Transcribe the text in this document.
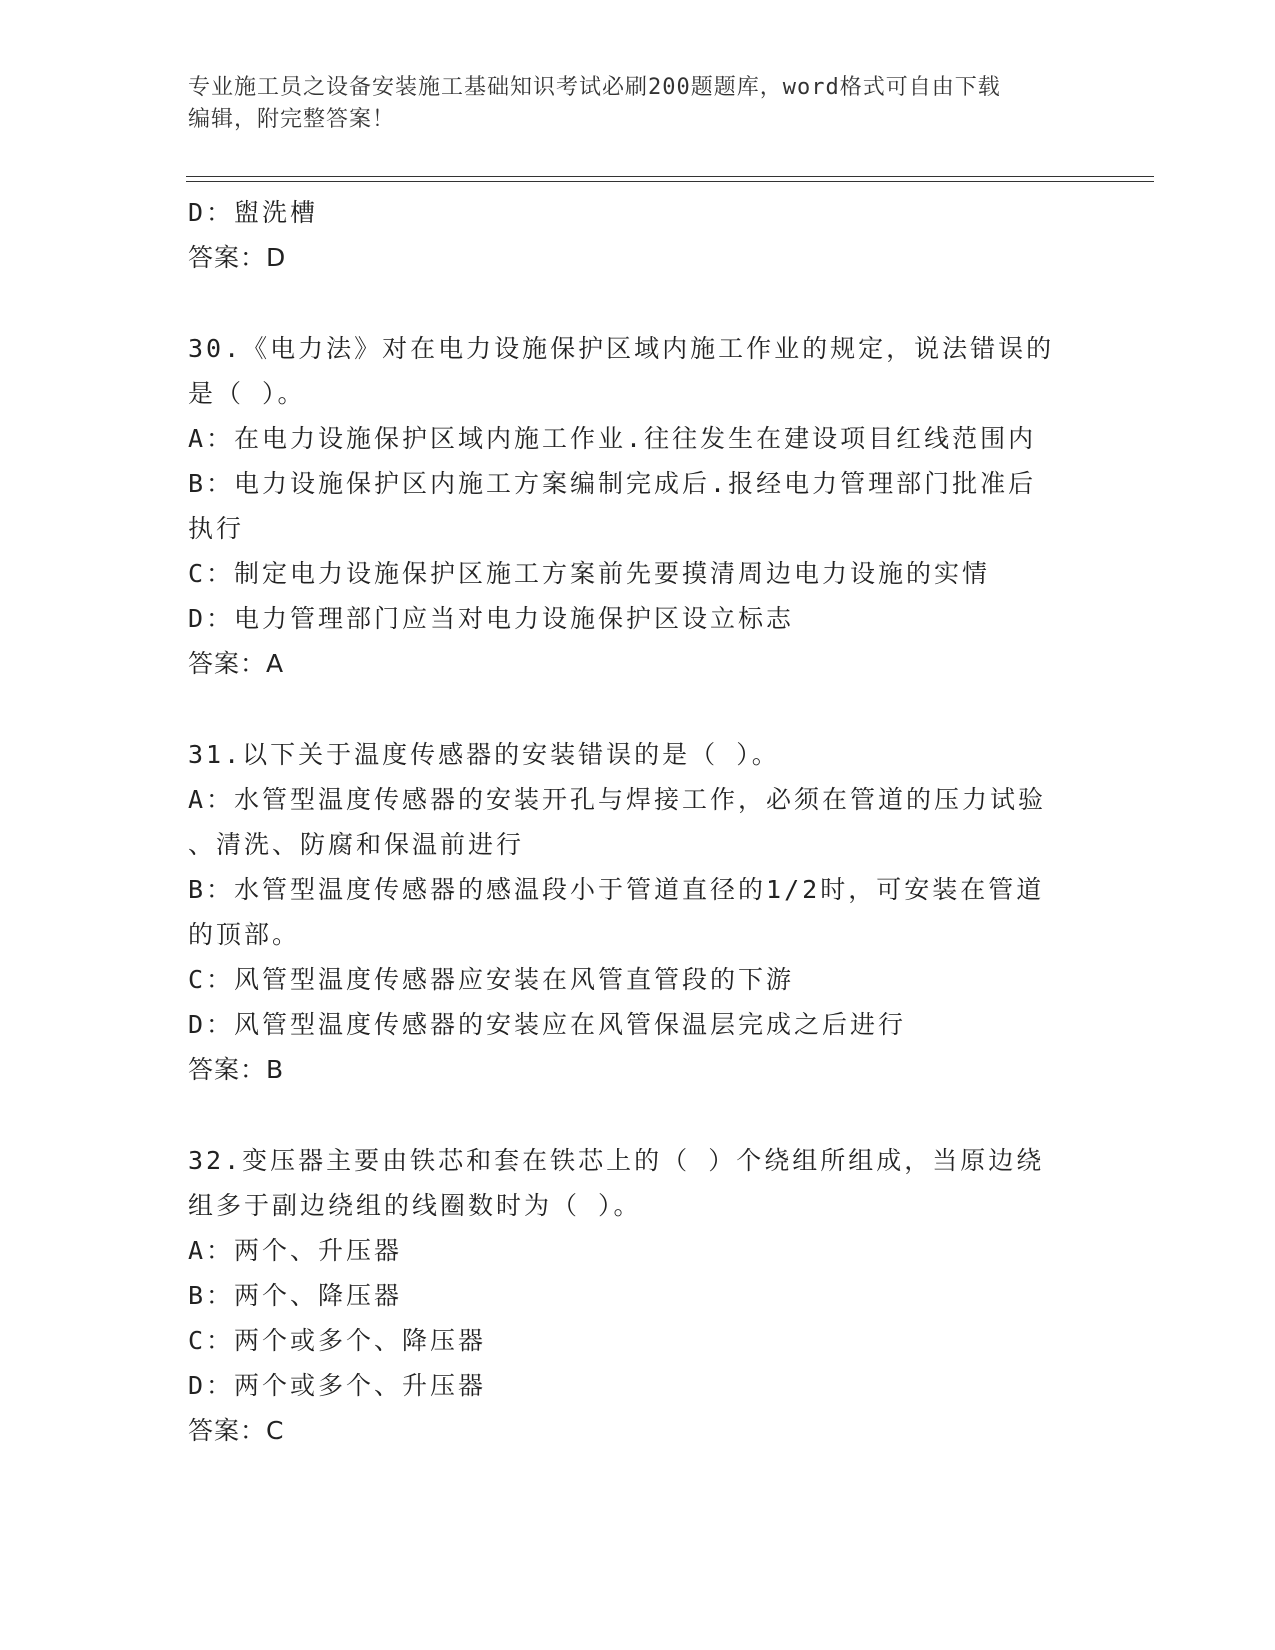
专业施工员之设备安装施工基础知识考试必刷200题题库，word格式可自由下载
编辑，附完整答案！

D：盥洗槽

答案：D

30.《电力法》对在电力设施保护区域内施工作业的规定，说法错误的

是（ ）。

A：在电力设施保护区域内施工作业.往往发生在建设项目红线范围内

B：电力设施保护区内施工方案编制完成后.报经电力管理部门批准后

执行

C：制定电力设施保护区施工方案前先要摸清周边电力设施的实情

D：电力管理部门应当对电力设施保护区设立标志

答案：A

31.以下关于温度传感器的安装错误的是（ ）。

A：水管型温度传感器的安装开孔与焊接工作，必须在管道的压力试验

、清洗、防腐和保温前进行

B：水管型温度传感器的感温段小于管道直径的1/2时，可安装在管道

的顶部。

C：风管型温度传感器应安装在风管直管段的下游

D：风管型温度传感器的安装应在风管保温层完成之后进行

答案：B

32.变压器主要由铁芯和套在铁芯上的（ ）个绕组所组成，当原边绕

组多于副边绕组的线圈数时为（ ）。

A：两个、升压器

B：两个、降压器

C：两个或多个、降压器

D：两个或多个、升压器

答案：C
